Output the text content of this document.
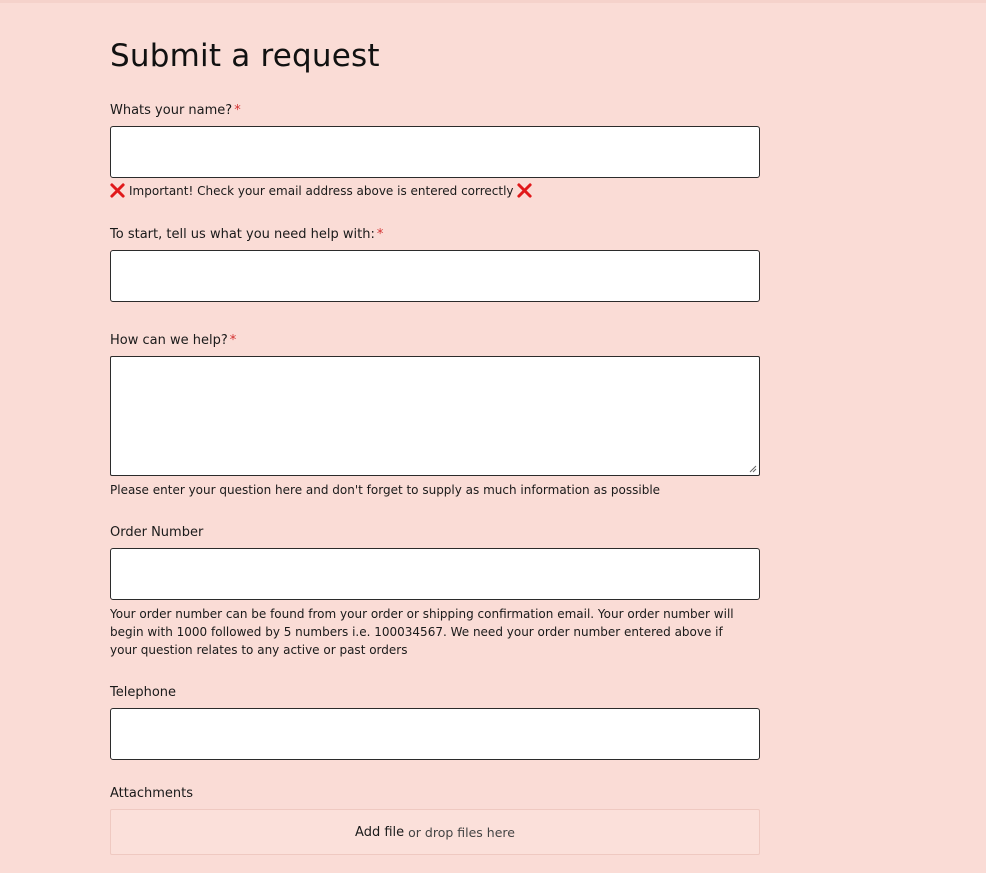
Submit a request
Whats your name? *
Important! Check your email address above is entered correctly
To start, tell us what you need help with: *
How can we help? *
Please enter your question here and don't forget to supply as much information as possible
Order Number
Your order number can be found from your order or shipping confirmation email. Your order number will begin with 1000 followed by 5 numbers i.e. 100034567. We need your order number entered above if your question relates to any active or past orders
Telephone
Attachments
Add file or drop files here
